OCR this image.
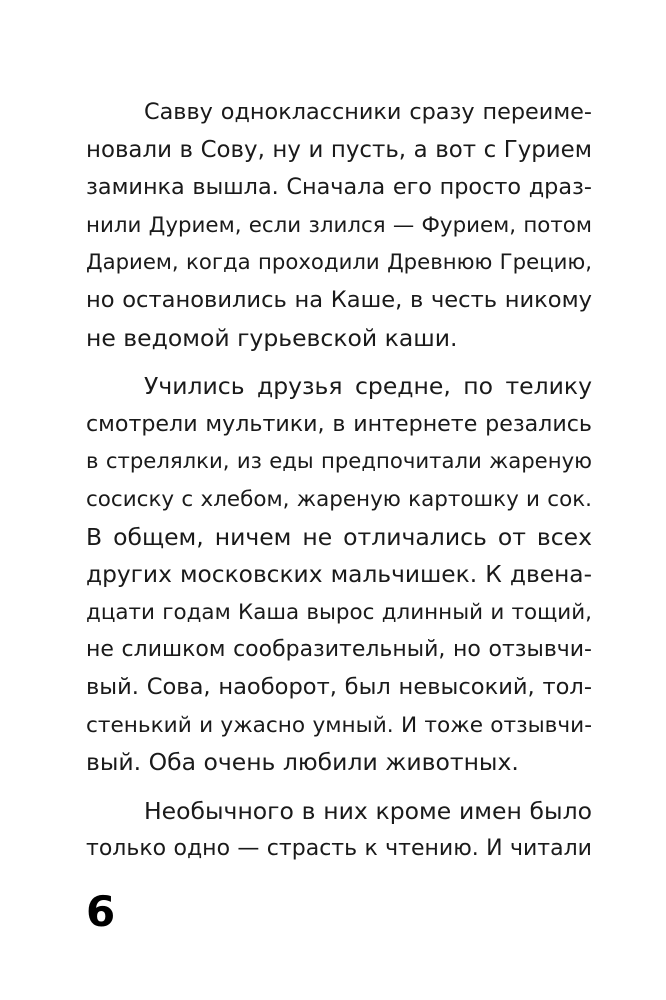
Савву одноклассники сразу переиме-
новали в Сову, ну и пусть, а вот с Гурием
заминка вышла. Сначала его просто драз-
нили Дурием, если злился — Фурием, потом
Дарием, когда проходили Древнюю Грецию,
но остановились на Каше, в честь никому
не ведомой гурьевской каши.
Учились друзья средне, по телику
смотрели мультики, в интернете резались
в стрелялки, из еды предпочитали жареную
сосиску с хлебом, жареную картошку и сок.
В общем, ничем не отличались от всех
других московских мальчишек. К двена-
дцати годам Каша вырос длинный и тощий,
не слишком сообразительный, но отзывчи-
вый. Сова, наоборот, был невысокий, тол-
стенький и ужасно умный. И тоже отзывчи-
вый. Оба очень любили животных.
Необычного в них кроме имен было
только одно — страсть к чтению. И читали
6
